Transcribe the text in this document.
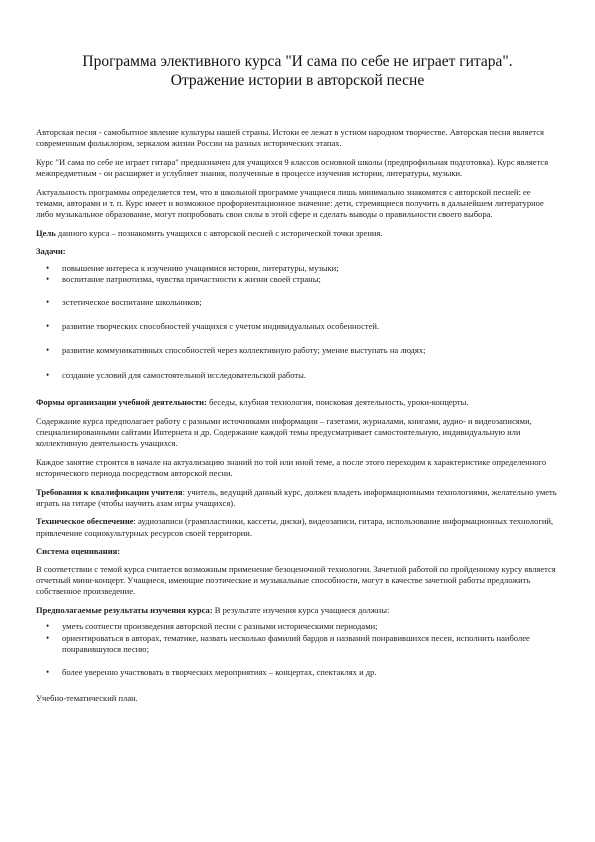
Программа элективного курса "И сама по себе не играет гитара".
Отражение истории в авторской песне

Авторская песня - самобытное явление культуры нашей страны. Истоки ее лежат в устном народном творчестве. Авторская песня является современным фольклором, зеркалом жизни России на разных исторических этапах.

Курс "И сама по себе не играет гитара" предназначен для учащихся 9 классов основной школы (предпрофильная подготовка). Курс является межпредметным - он расширяет и углубляет знания, полученные в процессе изучения истории, литературы, музыки.

Актуальность программы определяется тем, что в школьной программе учащиеся лишь минимально знакомятся с авторской песней: ее темами, авторами и т. п. Курс имеет и возможное профориентационное значение: дети, стремящиеся получить в дальнейшем литературное либо музыкальное образование, могут попробовать свои силы в этой сфере и сделать выводы о правильности своего выбора.

Цель данного курса – познакомить учащихся с авторской песней с исторической точки зрения.

Задачи:

• повышение интереса к изучению учащимися истории, литературы, музыки;
• воспитание патриотизма, чувства причастности к жизни своей страны;
• эстетическое воспитание школьников;
• развитие творческих способностей учащихся с учетом индивидуальных особенностей.
• развитие коммуникативных способностей через коллективную работу; умение выступать на людях;
• создание условий для самостоятельной исследовательской работы.

Формы организации учебной деятельности: беседы, клубная технология, поисковая деятельность, уроки-концерты.

Содержание курса предполагает работу с разными источниками информации – газетами, журналами, книгами, аудио- и видеозаписями, специализированными сайтами Интернета и др. Содержание каждой темы предусматривает самостоятельную, индивидуальную или коллективную деятельность учащихся.

Каждое занятие строится в начале на актуализацию знаний по той или иной теме, а после этого переходим к характеристике определенного исторического периода посредством авторской песни.

Требования к квалификации учителя: учитель, ведущий данный курс, должен владеть информационными технологиями, желательно уметь играть на гитаре (чтобы научить азам игры учащихся).

Техническое обеспечение: аудиозаписи (грампластинки, кассеты, диски), видеозаписи, гитара, использование информационных технологий, привлечение социокультурных ресурсов своей территории.

Система оценивания:

В соответствии с темой курса считается возможным применение безоценочной технологии. Зачетной работой по пройденному курсу является отчетный мини-концерт. Учащиеся, имеющие поэтические и музыкальные способности, могут в качестве зачетной работы предложить собственное произведение.

Предполагаемые результаты изучения курса: В результате изучения курса учащиеся должны:

• уметь соотнести произведения авторской песни с разными историческими периодами;
• ориентироваться в авторах, тематике, назвать несколько фамилий бардов и названий понравившихся песен, исполнить наиболее понравившуюся песню;
• более уверенно участвовать в творческих мероприятиях – концертах, спектаклях и др.

Учебно-тематический план.
